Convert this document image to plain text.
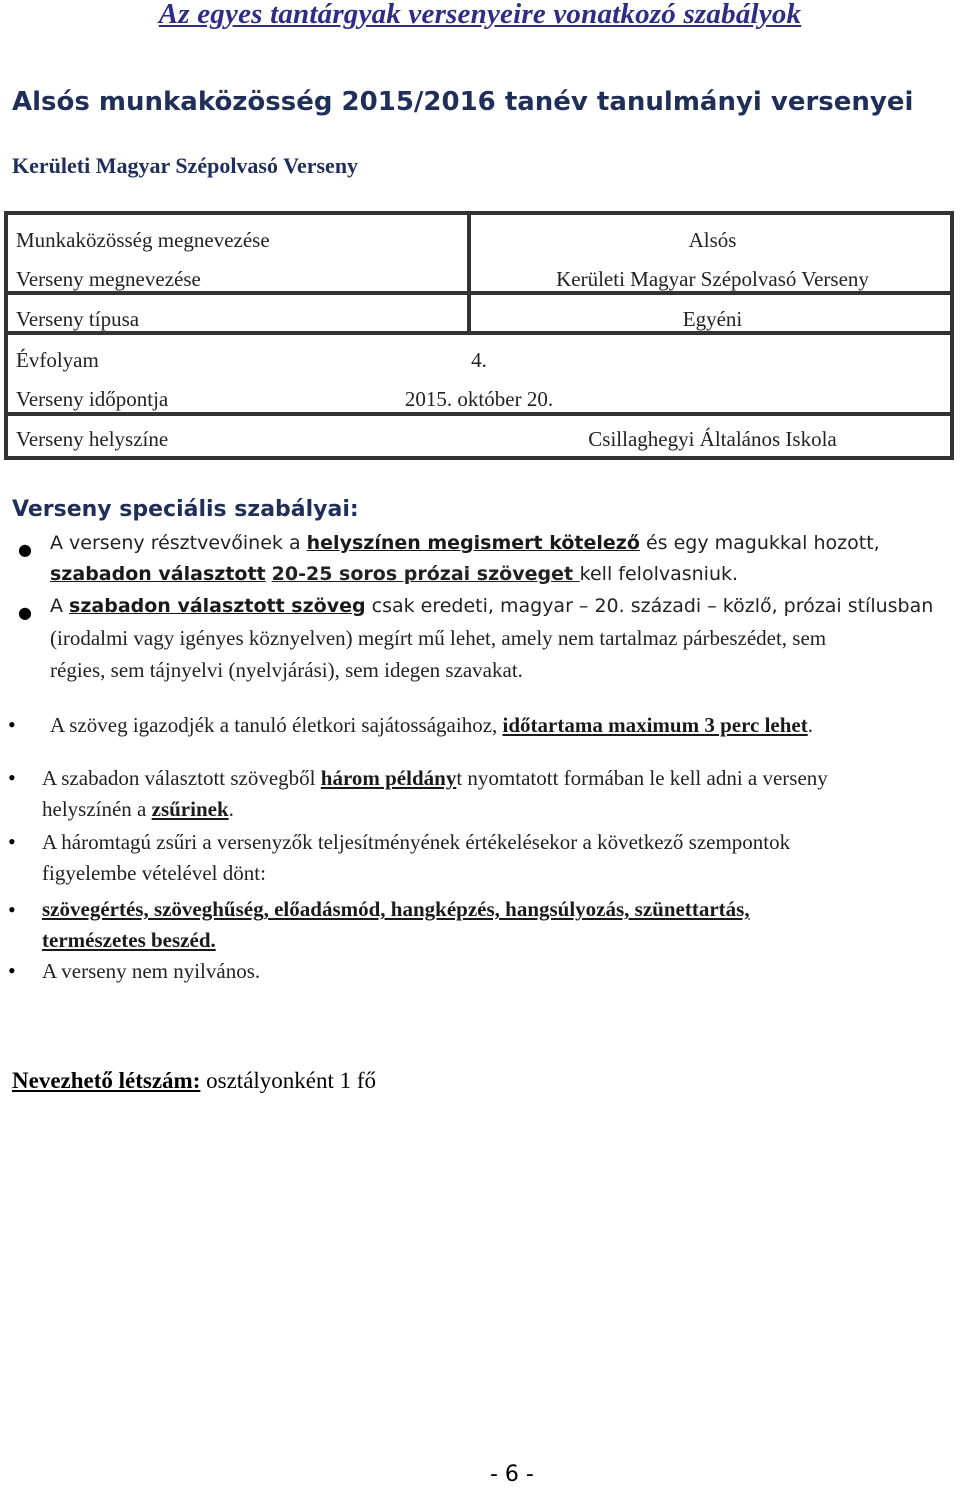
Az egyes tantárgyak versenyeire vonatkozó szabályok
Alsós munkaközösség 2015/2016 tanév tanulmányi versenyei
Kerületi Magyar Szépolvasó Verseny
Munkaközösség megnevezése	Alsós
Verseny megnevezése	Kerületi Magyar Szépolvasó Verseny
Verseny típusa	Egyéni
Évfolyam	4.
Verseny időpontja	2015. október 20.
Verseny helyszíne	Csillaghegyi Általános Iskola
Verseny speciális szabályai:
● A verseny résztvevőinek a helyszínen megismert kötelező és egy magukkal hozott,
szabadon választott 20-25 soros prózai szöveget kell felolvasniuk.
● A szabadon választott szöveg csak eredeti, magyar – 20. századi – közlő, prózai stílusban
(irodalmi vagy igényes köznyelven) megírt mű lehet, amely nem tartalmaz párbeszédet, sem
régies, sem tájnyelvi (nyelvjárási), sem idegen szavakat.
• A szöveg igazodjék a tanuló életkori sajátosságaihoz, időtartama maximum 3 perc lehet.
• A szabadon választott szövegből három példányt nyomtatott formában le kell adni a verseny
helyszínén a zsűrinek.
• A háromtagú zsűri a versenyzők teljesítményének értékelésekor a következő szempontok
figyelembe vételével dönt:
• szövegértés, szöveghűség, előadásmód, hangképzés, hangsúlyozás, szünettartás,
természetes beszéd.
• A verseny nem nyilvános.
Nevezhető létszám: osztályonként 1 fő
- 6 -
